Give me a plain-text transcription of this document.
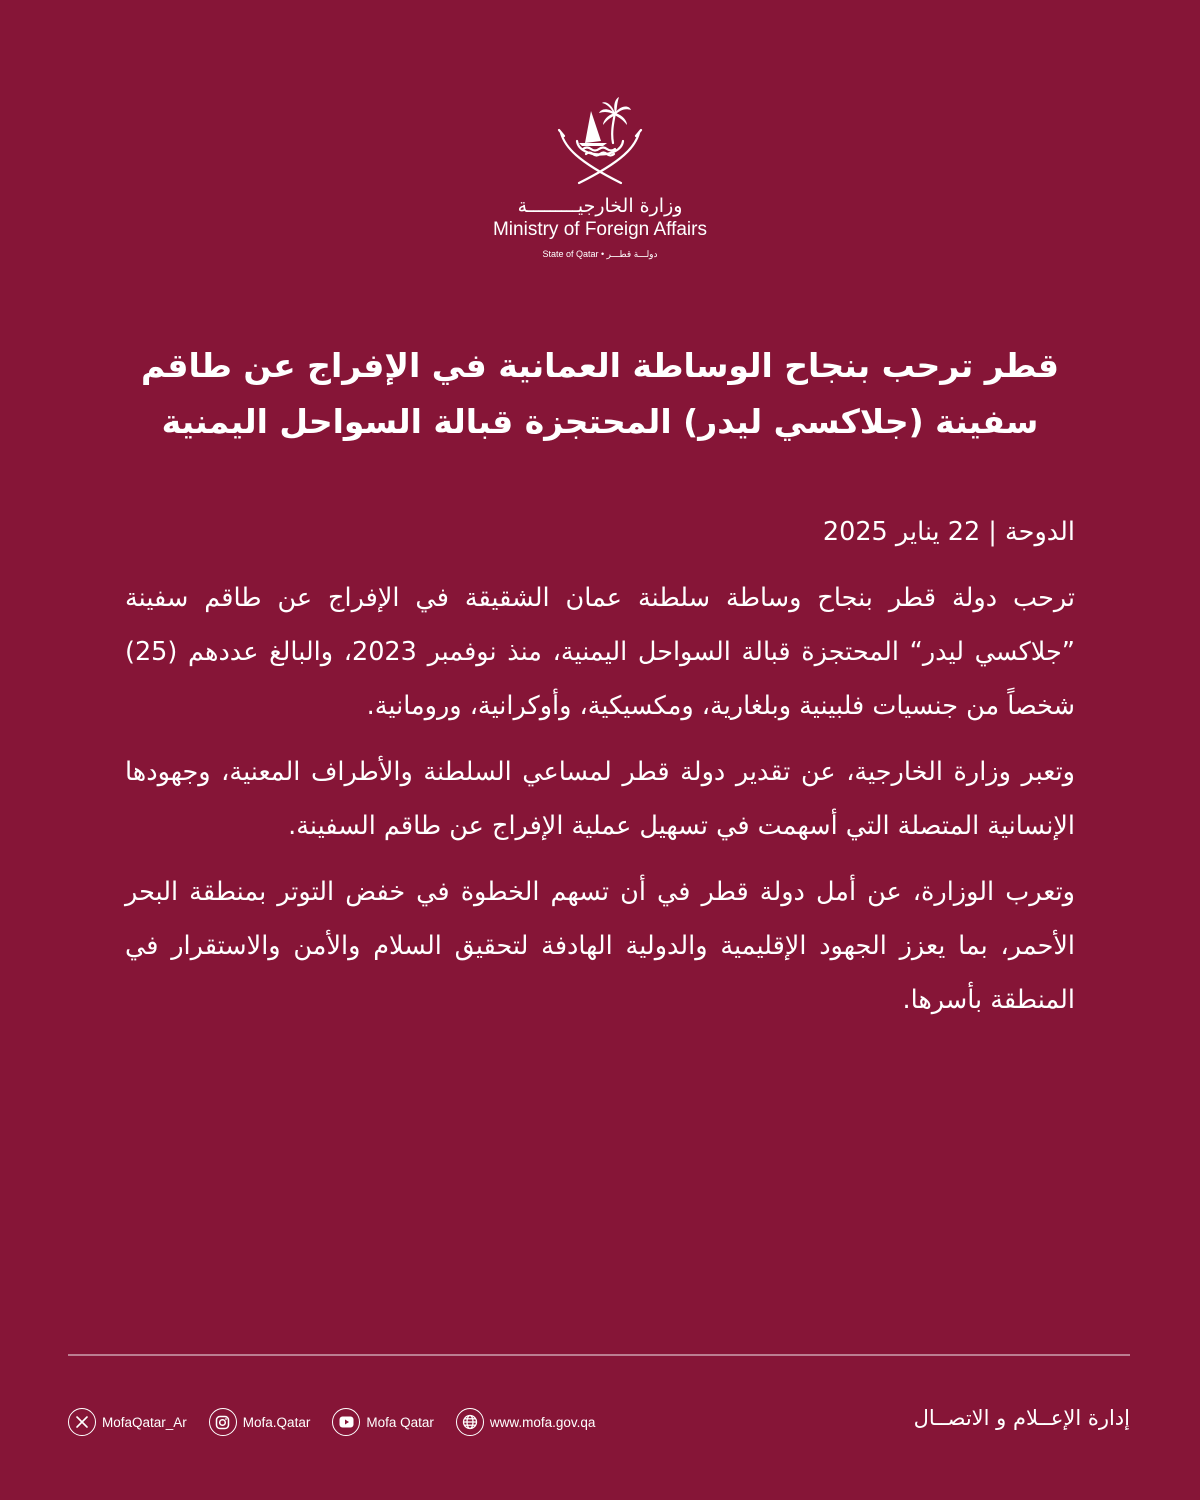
وزارة الخارجيـــــــــة
Ministry of Foreign Affairs
State of Qatar • دولـــة قطـــر
قطر ترحب بنجاح الوساطة العمانية في الإفراج عن طاقم
سفينة (جلاكسي ليدر) المحتجزة قبالة السواحل اليمنية
الدوحة | 22 يناير 2025

ترحب دولة قطر بنجاح وساطة سلطنة عمان الشقيقة في الإفراج عن طاقم سفينة ”جلاكسي ليدر“ المحتجزة قبالة السواحل اليمنية، منذ نوفمبر 2023، والبالغ عددهم (25) شخصاً من جنسيات فلبينية وبلغارية، ومكسيكية، وأوكرانية، ورومانية.

وتعبر وزارة الخارجية، عن تقدير دولة قطر لمساعي السلطنة والأطراف المعنية، وجهودها الإنسانية المتصلة التي أسهمت في تسهيل عملية الإفراج عن طاقم السفينة.

وتعرب الوزارة، عن أمل دولة قطر في أن تسهم الخطوة في خفض التوتر بمنطقة البحر الأحمر، بما يعزز الجهود الإقليمية والدولية الهادفة لتحقيق السلام والأمن والاستقرار في المنطقة بأسرها.

MofaQatar_Ar	Mofa.Qatar	Mofa Qatar	www.mofa.gov.qa	إدارة الإعــلام و الاتصــال
